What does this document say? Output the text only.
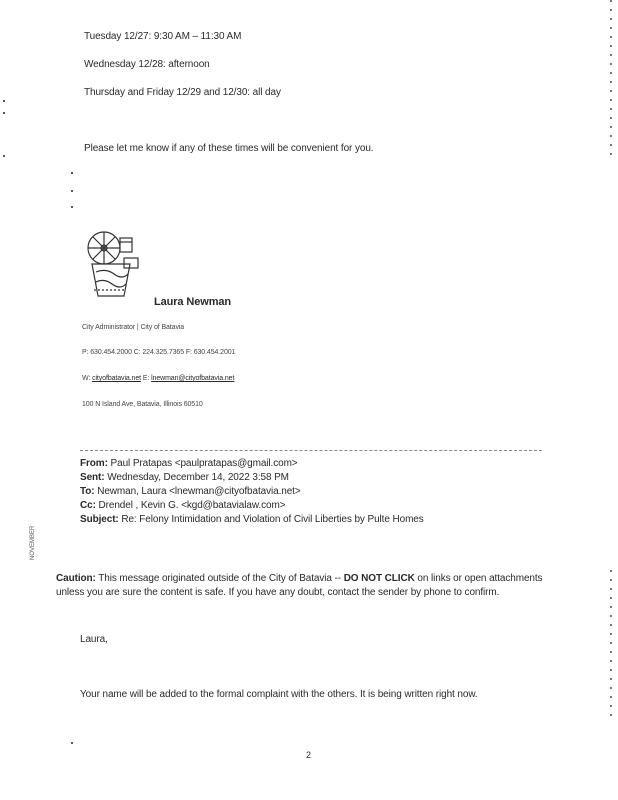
Tuesday 12/27: 9:30 AM – 11:30 AM
Wednesday 12/28: afternoon
Thursday and Friday 12/29 and 12/30: all day
Please let me know if any of these times will be convenient for you.
Laura Newman
City Administrator | City of Batavia
P: 630.454.2000 C: 224.325.7365 F: 630.454.2001
W: cityofbatavia.net E: lnewman@cityofbatavia.net
100 N Island Ave, Batavia, Illinois 60510
From: Paul Pratapas <paulpratapas@gmail.com>
Sent: Wednesday, December 14, 2022 3:58 PM
To: Newman, Laura <lnewman@cityofbatavia.net>
Cc: Drendel , Kevin G. <kgd@batavialaw.com>
Subject: Re: Felony Intimidation and Violation of Civil Liberties by Pulte Homes
NOVEMBER
Caution: This message originated outside of the City of Batavia -- DO NOT CLICK on links or open attachments
unless you are sure the content is safe. If you have any doubt, contact the sender by phone to confirm.
Laura,
Your name will be added to the formal complaint with the others. It is being written right now.
2
